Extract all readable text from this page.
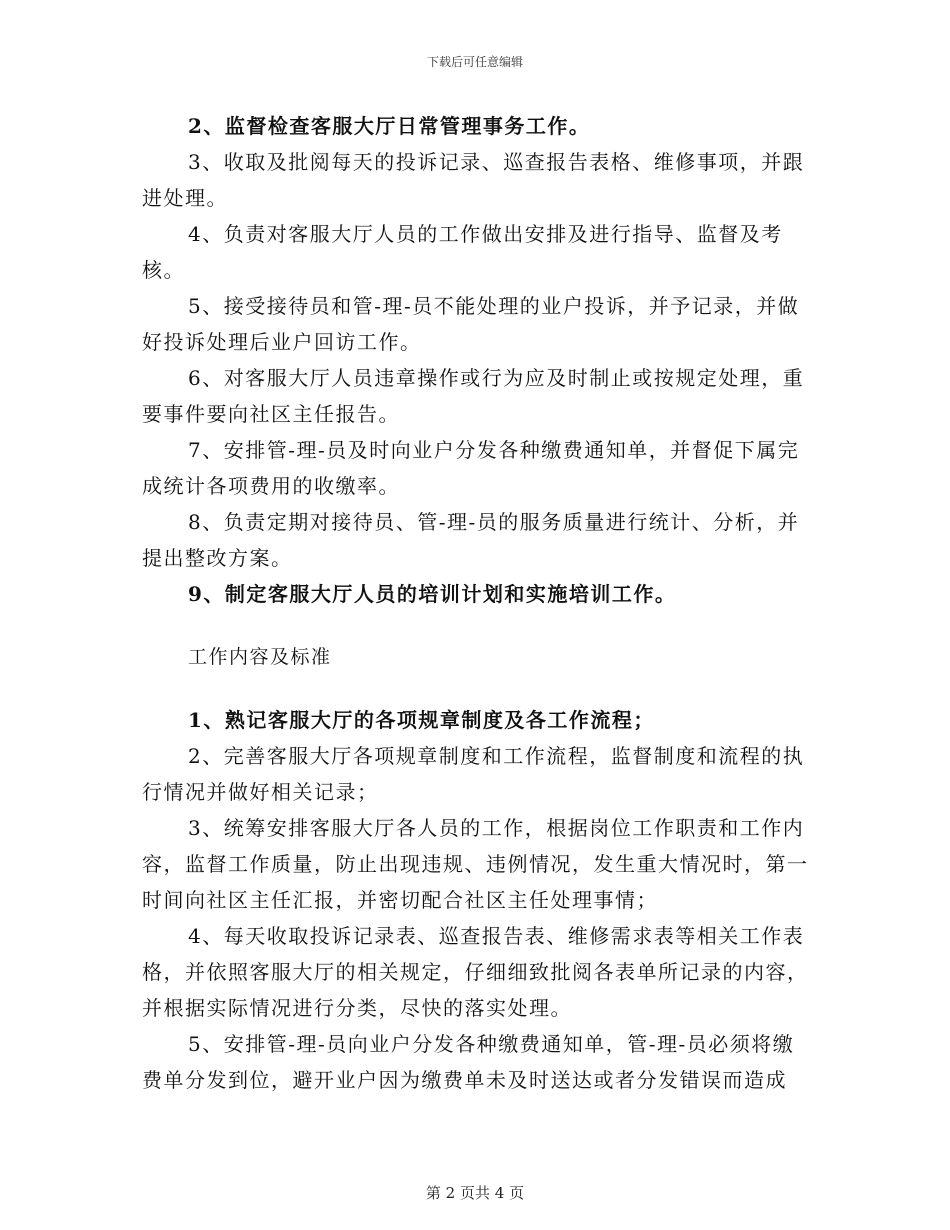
下载后可任意编辑

2、监督检查客服大厅日常管理事务工作。

3、收取及批阅每天的投诉记录、巡查报告表格、维修事项，并跟进处理。

4、负责对客服大厅人员的工作做出安排及进行指导、监督及考核。

5、接受接待员和管-理-员不能处理的业户投诉，并予记录，并做好投诉处理后业户回访工作。

6、对客服大厅人员违章操作或行为应及时制止或按规定处理，重要事件要向社区主任报告。

7、安排管-理-员及时向业户分发各种缴费通知单，并督促下属完成统计各项费用的收缴率。

8、负责定期对接待员、管-理-员的服务质量进行统计、分析，并提出整改方案。

9、制定客服大厅人员的培训计划和实施培训工作。

工作内容及标准

1、熟记客服大厅的各项规章制度及各工作流程；

2、完善客服大厅各项规章制度和工作流程，监督制度和流程的执行情况并做好相关记录；

3、统筹安排客服大厅各人员的工作，根据岗位工作职责和工作内容，监督工作质量，防止出现违规、违例情况，发生重大情况时，第一时间向社区主任汇报，并密切配合社区主任处理事情；

4、每天收取投诉记录表、巡查报告表、维修需求表等相关工作表格，并依照客服大厅的相关规定，仔细细致批阅各表单所记录的内容，并根据实际情况进行分类，尽快的落实处理。

5、安排管-理-员向业户分发各种缴费通知单，管-理-员必须将缴费单分发到位，避开业户因为缴费单未及时送达或者分发错误而造成

第 2 页共 4 页
